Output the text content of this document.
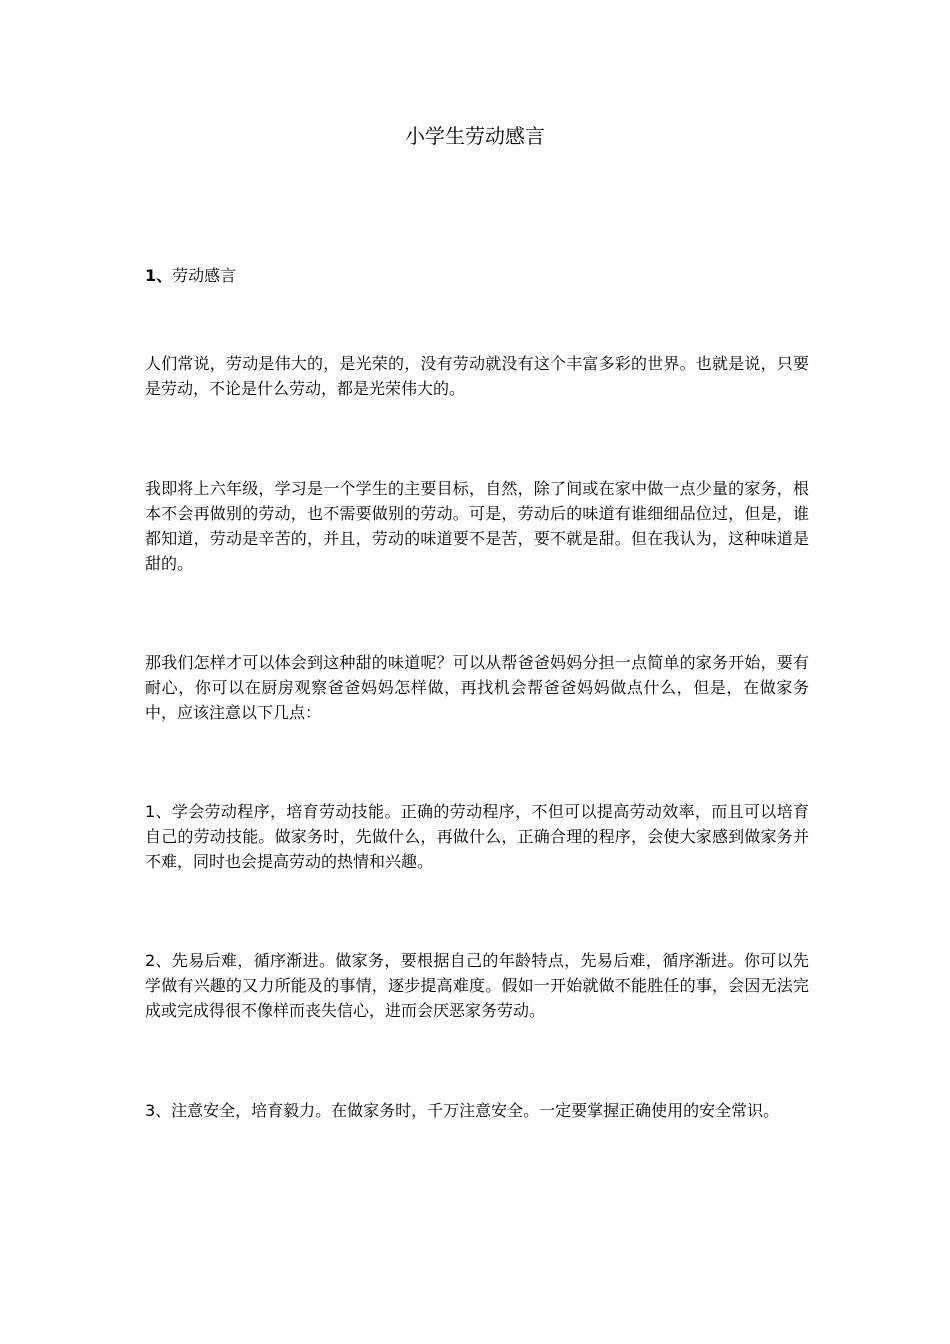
小学生劳动感言
1、劳动感言

人们常说，劳动是伟大的，是光荣的，没有劳动就没有这个丰富多彩的世界。也就是说，只要是劳动，不论是什么劳动，都是光荣伟大的。

我即将上六年级，学习是一个学生的主要目标，自然，除了间或在家中做一点少量的家务，根本不会再做别的劳动，也不需要做别的劳动。可是，劳动后的味道有谁细细品位过，但是，谁都知道，劳动是辛苦的，并且，劳动的味道要不是苦，要不就是甜。但在我认为，这种味道是甜的。

那我们怎样才可以体会到这种甜的味道呢？可以从帮爸爸妈妈分担一点简单的家务开始，要有耐心，你可以在厨房观察爸爸妈妈怎样做，再找机会帮爸爸妈妈做点什么，但是，在做家务中，应该注意以下几点：

1、学会劳动程序，培育劳动技能。正确的劳动程序，不但可以提高劳动效率，而且可以培育自己的劳动技能。做家务时，先做什么，再做什么，正确合理的程序，会使大家感到做家务并不难，同时也会提高劳动的热情和兴趣。

2、先易后难，循序渐进。做家务，要根据自己的年龄特点，先易后难，循序渐进。你可以先学做有兴趣的又力所能及的事情，逐步提高难度。假如一开始就做不能胜任的事，会因无法完成或完成得很不像样而丧失信心，进而会厌恶家务劳动。

3、注意安全，培育毅力。在做家务时，千万注意安全。一定要掌握正确使用的安全常识。
